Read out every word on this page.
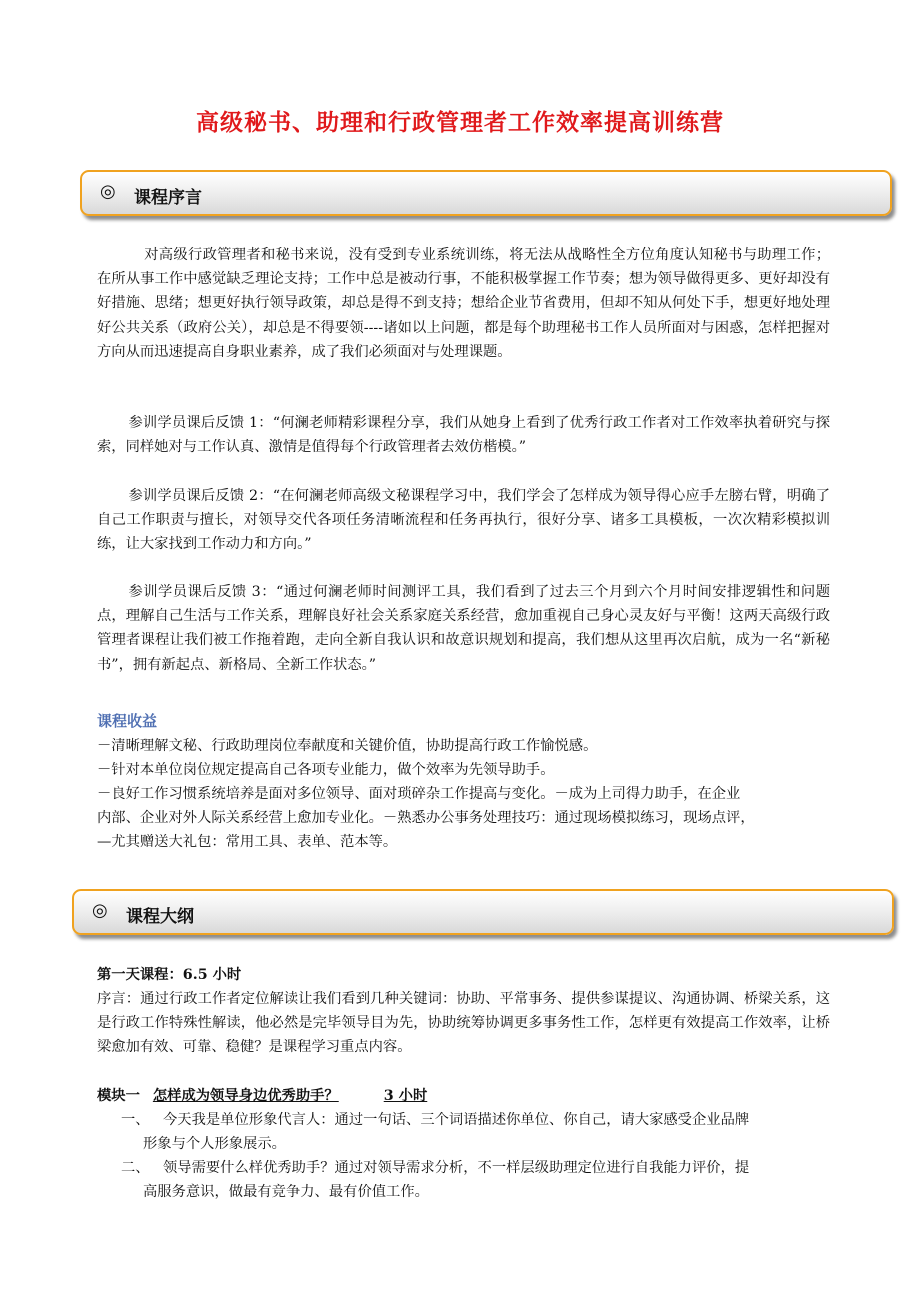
高级秘书、助理和行政管理者工作效率提高训练营
◎ 课程序言

对高级行政管理者和秘书来说，没有受到专业系统训练，将无法从战略性全方位角度认知秘书与助理工作；在所从事工作中感觉缺乏理论支持；工作中总是被动行事，不能积极掌握工作节奏；想为领导做得更多、更好却没有好措施、思绪；想更好执行领导政策，却总是得不到支持；想给企业节省费用，但却不知从何处下手，想更好地处理好公共关系（政府公关），却总是不得要领----诸如以上问题，都是每个助理秘书工作人员所面对与困惑，怎样把握对方向从而迅速提高自身职业素养，成了我们必须面对与处理课题。

参训学员课后反馈 1：“何澜老师精彩课程分享，我们从她身上看到了优秀行政工作者对工作效率执着研究与探索，同样她对与工作认真、激情是值得每个行政管理者去效仿楷模。”

参训学员课后反馈 2：“在何澜老师高级文秘课程学习中，我们学会了怎样成为领导得心应手左膀右臂，明确了自己工作职责与擅长，对领导交代各项任务清晰流程和任务再执行，很好分享、诸多工具模板，一次次精彩模拟训练，让大家找到工作动力和方向。”

参训学员课后反馈 3：“通过何澜老师时间测评工具，我们看到了过去三个月到六个月时间安排逻辑性和问题点，理解自己生活与工作关系，理解良好社会关系家庭关系经营，愈加重视自己身心灵友好与平衡！这两天高级行政管理者课程让我们被工作拖着跑，走向全新自我认识和故意识规划和提高，我们想从这里再次启航，成为一名“新秘书”，拥有新起点、新格局、全新工作状态。”

课程收益

－清晰理解文秘、行政助理岗位奉献度和关键价值，协助提高行政工作愉悦感。

－针对本单位岗位规定提高自己各项专业能力，做个效率为先领导助手。

－良好工作习惯系统培养是面对多位领导、面对琐碎杂工作提高与变化。－成为上司得力助手，在企业

内部、企业对外人际关系经营上愈加专业化。－熟悉办公事务处理技巧：通过现场模拟练习，现场点评，

—尤其赠送大礼包：常用工具、表单、范本等。

◎ 课程大纲

第一天课程：6.5 小时

序言：通过行政工作者定位解读让我们看到几种关键词：协助、平常事务、提供参谋提议、沟通协调、桥梁关系，这是行政工作特殊性解读，他必然是完毕领导目为先，协助统筹协调更多事务性工作，怎样更有效提高工作效率，让桥梁愈加有效、可靠、稳健？是课程学习重点内容。

模块一 怎样成为领导身边优秀助手？	3 小时
一、 今天我是单位形象代言人：通过一句话、三个词语描述你单位、你自己，请大家感受企业品牌
形象与个人形象展示。
二、 领导需要什么样优秀助手？通过对领导需求分析，不一样层级助理定位进行自我能力评价，提
高服务意识，做最有竞争力、最有价值工作。
